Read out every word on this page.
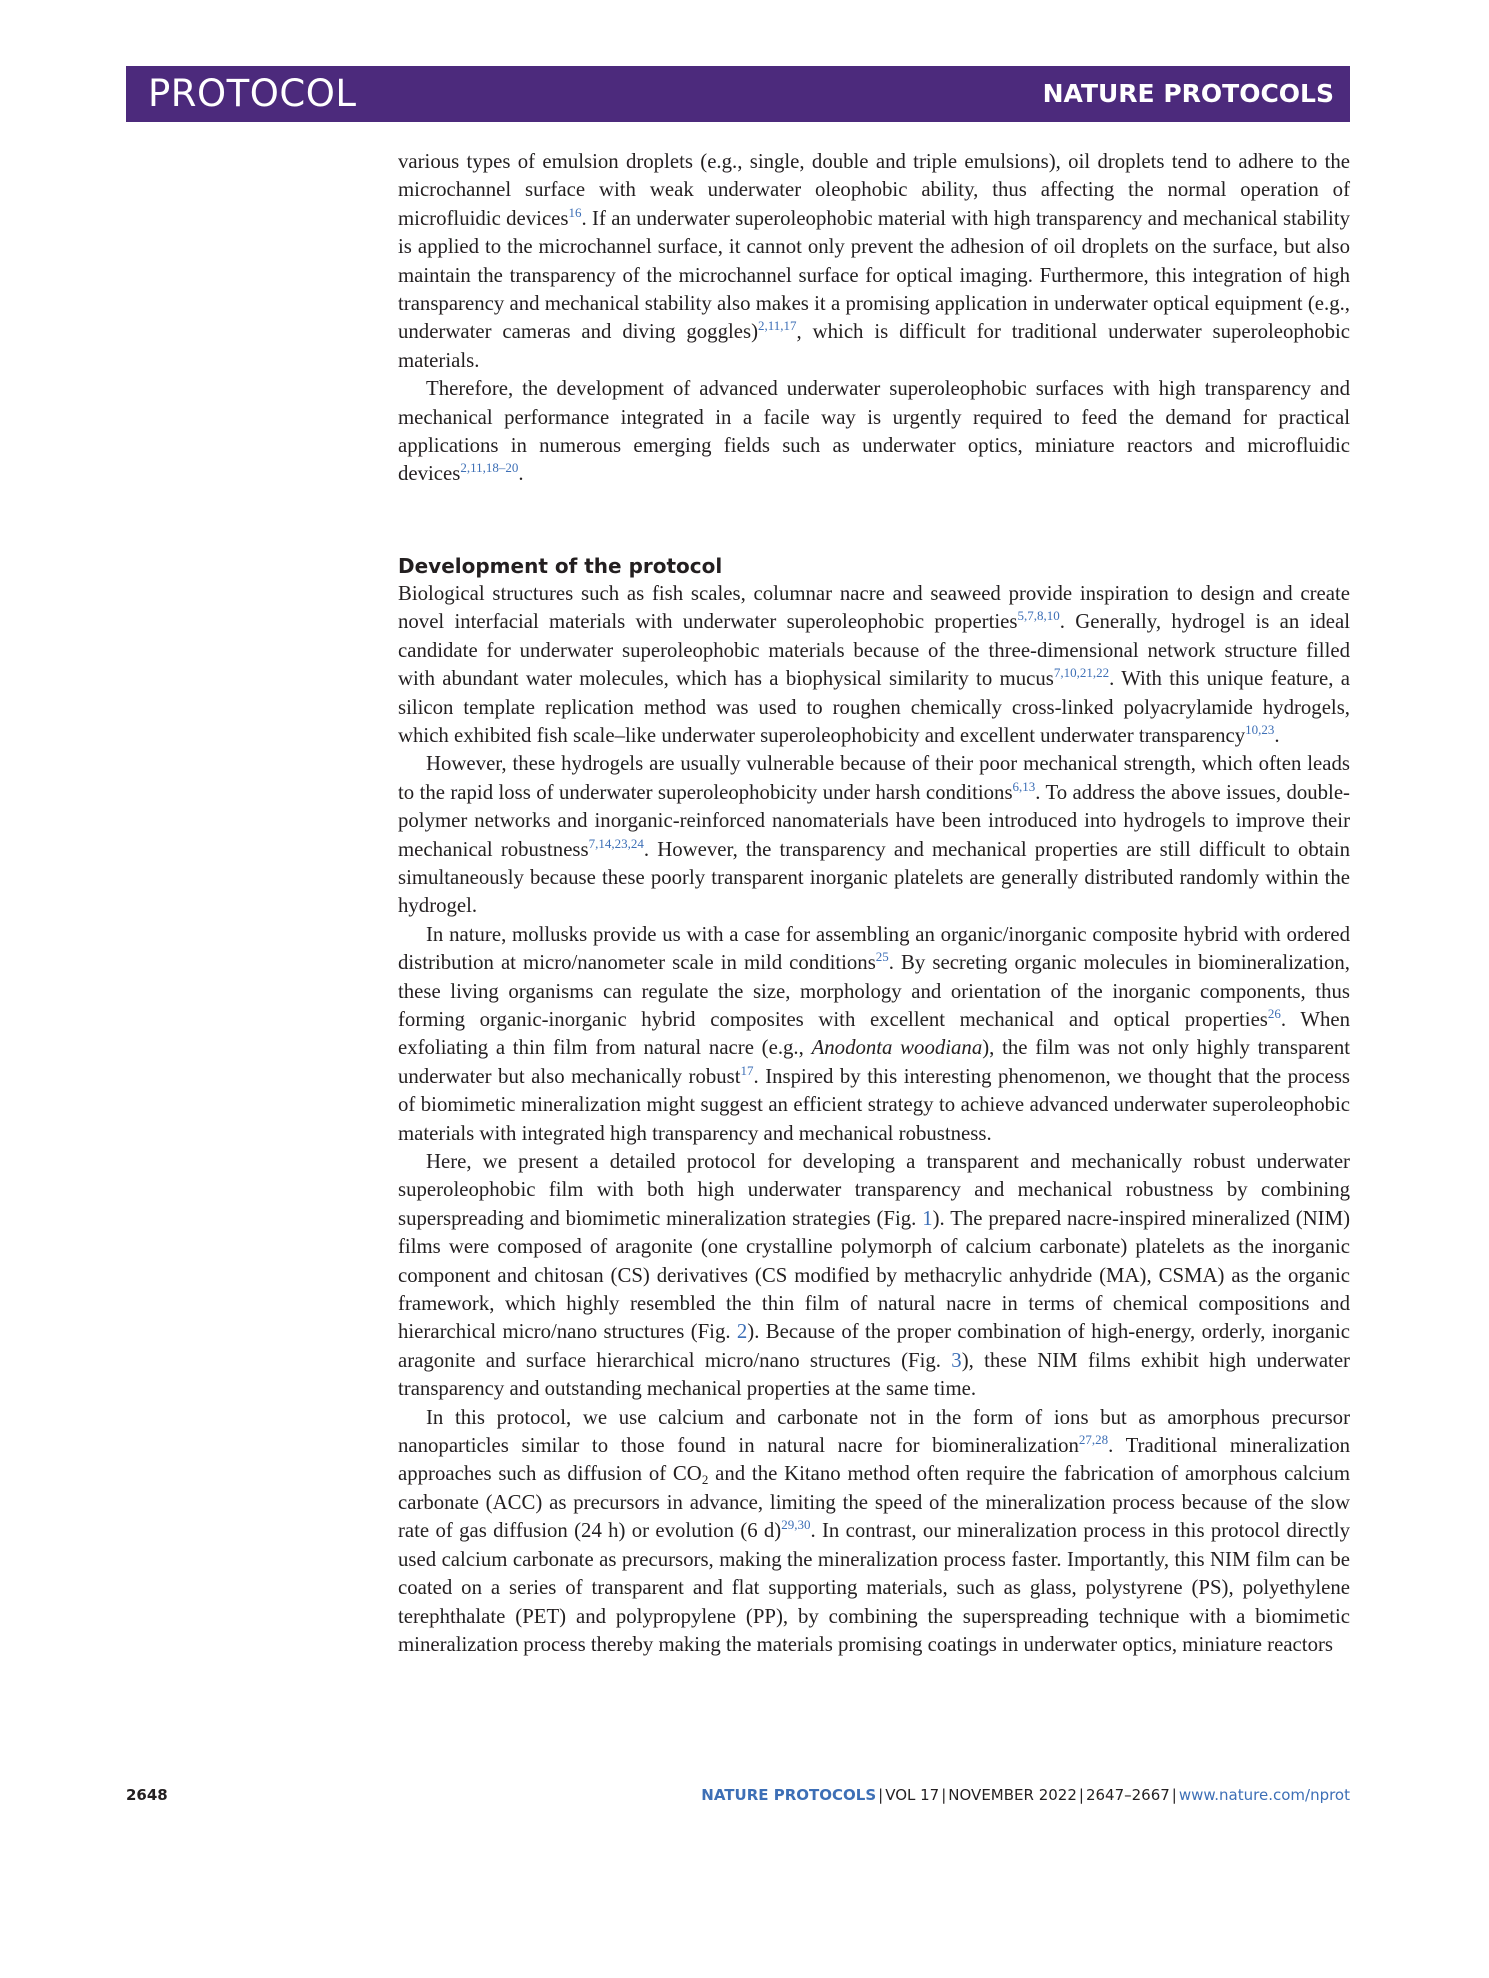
PROTOCOL	NATURE PROTOCOLS

various types of emulsion droplets (e.g., single, double and triple emulsions), oil droplets tend to adhere to the microchannel surface with weak underwater oleophobic ability, thus affecting the normal operation of microfluidic devices$^{16}$. If an underwater superoleophobic material with high transparency and mechanical stability is applied to the microchannel surface, it cannot only prevent the adhesion of oil droplets on the surface, but also maintain the transparency of the microchannel surface for optical imaging. Furthermore, this integration of high transparency and mechanical stability also makes it a promising application in underwater optical equipment (e.g., underwater cameras and diving goggles)$^{2,11,17}$, which is difficult for traditional underwater superoleophobic materials.

Therefore, the development of advanced underwater superoleophobic surfaces with high transparency and mechanical performance integrated in a facile way is urgently required to feed the demand for practical applications in numerous emerging fields such as underwater optics, miniature reactors and microfluidic devices$^{2,11,18-20}$.

Development of the protocol

Biological structures such as fish scales, columnar nacre and seaweed provide inspiration to design and create novel interfacial materials with underwater superoleophobic properties$^{5,7,8,10}$. Generally, hydrogel is an ideal candidate for underwater superoleophobic materials because of the three-dimensional network structure filled with abundant water molecules, which has a biophysical similarity to mucus$^{7,10,21,22}$. With this unique feature, a silicon template replication method was used to roughen chemically cross-linked polyacrylamide hydrogels, which exhibited fish scale–like underwater superoleophobicity and excellent underwater transparency$^{10,23}$.

However, these hydrogels are usually vulnerable because of their poor mechanical strength, which often leads to the rapid loss of underwater superoleophobicity under harsh conditions$^{6,13}$. To address the above issues, double-polymer networks and inorganic-reinforced nanomaterials have been introduced into hydrogels to improve their mechanical robustness$^{7,14,23,24}$. However, the transparency and mechanical properties are still difficult to obtain simultaneously because these poorly transparent inorganic platelets are generally distributed randomly within the hydrogel.

In nature, mollusks provide us with a case for assembling an organic/inorganic composite hybrid with ordered distribution at micro/nanometer scale in mild conditions$^{25}$. By secreting organic molecules in biomineralization, these living organisms can regulate the size, morphology and orientation of the inorganic components, thus forming organic-inorganic hybrid composites with excellent mechanical and optical properties$^{26}$. When exfoliating a thin film from natural nacre (e.g., Anodonta woodiana), the film was not only highly transparent underwater but also mechanically robust$^{17}$. Inspired by this interesting phenomenon, we thought that the process of biomimetic mineralization might suggest an efficient strategy to achieve advanced underwater superoleophobic materials with integrated high transparency and mechanical robustness.

Here, we present a detailed protocol for developing a transparent and mechanically robust underwater superoleophobic film with both high underwater transparency and mechanical robustness by combining superspreading and biomimetic mineralization strategies (Fig. 1). The prepared nacre-inspired mineralized (NIM) films were composed of aragonite (one crystalline polymorph of calcium carbonate) platelets as the inorganic component and chitosan (CS) derivatives (CS modified by methacrylic anhydride (MA), CSMA) as the organic framework, which highly resembled the thin film of natural nacre in terms of chemical compositions and hierarchical micro/nano structures (Fig. 2). Because of the proper combination of high-energy, orderly, inorganic aragonite and surface hierarchical micro/nano structures (Fig. 3), these NIM films exhibit high underwater transparency and outstanding mechanical properties at the same time.

In this protocol, we use calcium and carbonate not in the form of ions but as amorphous precursor nanoparticles similar to those found in natural nacre for biomineralization$^{27,28}$. Traditional mineralization approaches such as diffusion of $CO_2$ and the Kitano method often require the fabrication of amorphous calcium carbonate (ACC) as precursors in advance, limiting the speed of the mineralization process because of the slow rate of gas diffusion (24 h) or evolution (6 d)$^{29,30}$. In contrast, our mineralization process in this protocol directly used calcium carbonate as precursors, making the mineralization process faster. Importantly, this NIM film can be coated on a series of transparent and flat supporting materials, such as glass, polystyrene (PS), polyethylene terephthalate (PET) and polypropylene (PP), by combining the superspreading technique with a biomimetic mineralization process thereby making the materials promising coatings in underwater optics, miniature reactors

2648	NATURE PROTOCOLS | VOL 17 | NOVEMBER 2022 | 2647–2667 | www.nature.com/nprot
